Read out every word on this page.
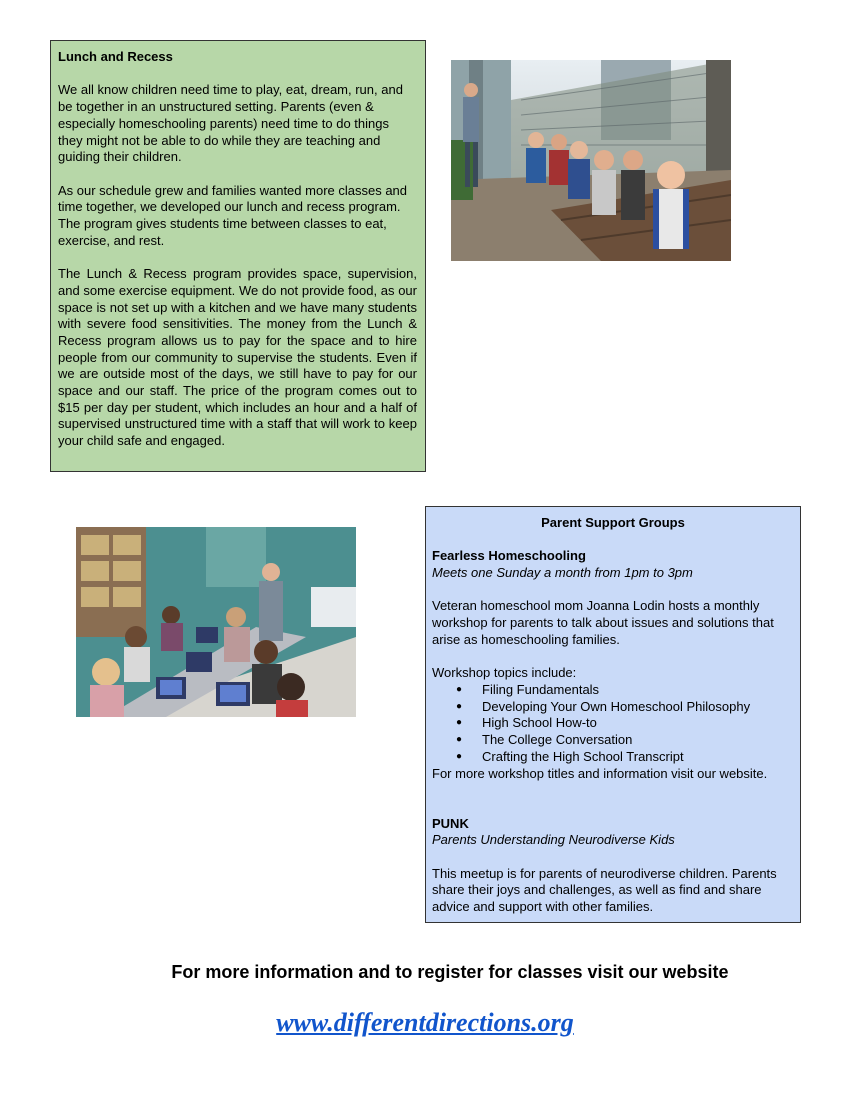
Lunch and Recess

We all know children need time to play, eat, dream, run, and be together in an unstructured setting. Parents (even & especially homeschooling parents) need time to do things they might not be able to do while they are teaching and guiding their children.

As our schedule grew and families wanted more classes and time together, we developed our lunch and recess program. The program gives students time between classes to eat, exercise, and rest.

The Lunch & Recess program provides space, supervision, and some exercise equipment. We do not provide food, as our space is not set up with a kitchen and we have many students with severe food sensitivities. The money from the Lunch & Recess program allows us to pay for the space and to hire people from our community to supervise the students. Even if we are outside most of the days, we still have to pay for our space and our staff. The price of the program comes out to $15 per day per student, which includes an hour and a half of supervised unstructured time with a staff that will work to keep your child safe and engaged.

Parent Support Groups
Fearless Homeschooling
Meets one Sunday a month from 1pm to 3pm
Veteran homeschool mom Joanna Lodin hosts a monthly workshop for parents to talk about issues and solutions that arise as homeschooling families.
Workshop topics include:
● Filing Fundamentals
● Developing Your Own Homeschool Philosophy
● High School How-to
● The College Conversation
● Crafting the High School Transcript
For more workshop titles and information visit our website.
PUNK
Parents Understanding Neurodiverse Kids
This meetup is for parents of neurodiverse children. Parents share their joys and challenges, as well as find and share advice and support with other families.
For more information and to register for classes visit our website
www.differentdirections.org
